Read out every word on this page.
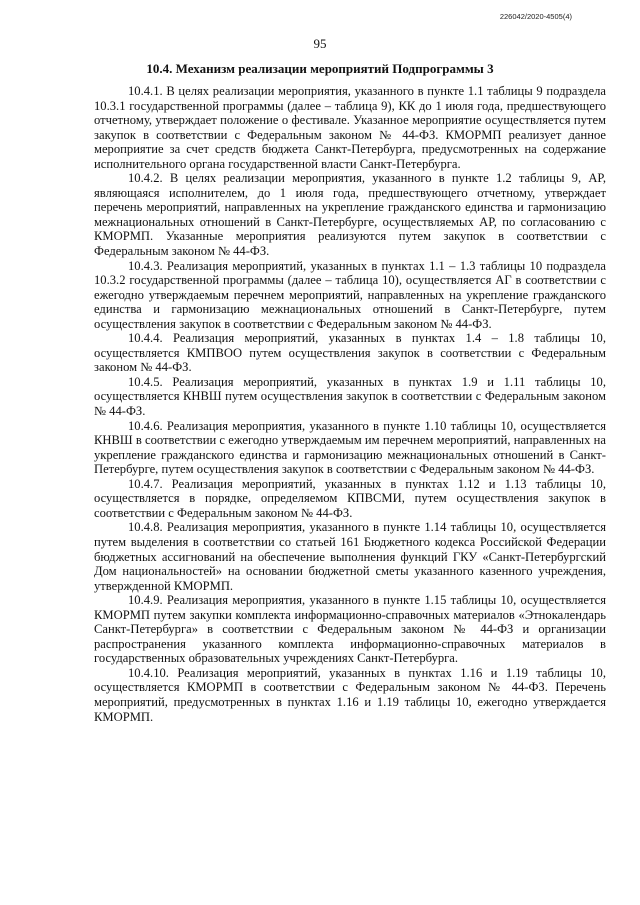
226042/2020-4505(4)
95
10.4. Механизм реализации мероприятий Подпрограммы 3

10.4.1. В целях реализации мероприятия, указанного в пункте 1.1 таблицы 9 подраздела 10.3.1 государственной программы (далее – таблица 9), КК до 1 июля года, предшествующего отчетному, утверждает положение о фестивале. Указанное мероприятие осуществляется путем закупок в соответствии с Федеральным законом № 44-ФЗ. КМОРМП реализует данное мероприятие за счет средств бюджета Санкт-Петербурга, предусмотренных на содержание исполнительного органа государственной власти Санкт-Петербурга.

10.4.2. В целях реализации мероприятия, указанного в пункте 1.2 таблицы 9, АР, являющаяся исполнителем, до 1 июля года, предшествующего отчетному, утверждает перечень мероприятий, направленных на укрепление гражданского единства и гармонизацию межнациональных отношений в Санкт-Петербурге, осуществляемых АР, по согласованию с КМОРМП. Указанные мероприятия реализуются путем закупок в соответствии с Федеральным законом № 44-ФЗ.

10.4.3. Реализация мероприятий, указанных в пунктах 1.1 – 1.3 таблицы 10 подраздела 10.3.2 государственной программы (далее – таблица 10), осуществляется АГ в соответствии с ежегодно утверждаемым перечнем мероприятий, направленных на укрепление гражданского единства и гармонизацию межнациональных отношений в Санкт-Петербурге, путем осуществления закупок в соответствии с Федеральным законом № 44-ФЗ.

10.4.4. Реализация мероприятий, указанных в пунктах 1.4 – 1.8 таблицы 10, осуществляется КМПВОО путем осуществления закупок в соответствии с Федеральным законом № 44-ФЗ.

10.4.5. Реализация мероприятий, указанных в пунктах 1.9 и 1.11 таблицы 10, осуществляется КНВШ путем осуществления закупок в соответствии с Федеральным законом № 44-ФЗ.

10.4.6. Реализация мероприятия, указанного в пункте 1.10 таблицы 10, осуществляется КНВШ в соответствии с ежегодно утверждаемым им перечнем мероприятий, направленных на укрепление гражданского единства и гармонизацию межнациональных отношений в Санкт-Петербурге, путем осуществления закупок в соответствии с Федеральным законом № 44-ФЗ.

10.4.7. Реализация мероприятий, указанных в пунктах 1.12 и 1.13 таблицы 10, осуществляется в порядке, определяемом КПВСМИ, путем осуществления закупок в соответствии с Федеральным законом № 44-ФЗ.

10.4.8. Реализация мероприятия, указанного в пункте 1.14 таблицы 10, осуществляется путем выделения в соответствии со статьей 161 Бюджетного кодекса Российской Федерации бюджетных ассигнований на обеспечение выполнения функций ГКУ «Санкт-Петербургский Дом национальностей» на основании бюджетной сметы указанного казенного учреждения, утвержденной КМОРМП.

10.4.9. Реализация мероприятия, указанного в пункте 1.15 таблицы 10, осуществляется КМОРМП путем закупки комплекта информационно-справочных материалов «Этнокалендарь Санкт-Петербурга» в соответствии с Федеральным законом № 44-ФЗ и организации распространения указанного комплекта информационно-справочных материалов в государственных образовательных учреждениях Санкт-Петербурга.

10.4.10. Реализация мероприятий, указанных в пунктах 1.16 и 1.19 таблицы 10, осуществляется КМОРМП в соответствии с Федеральным законом № 44-ФЗ. Перечень мероприятий, предусмотренных в пунктах 1.16 и 1.19 таблицы 10, ежегодно утверждается КМОРМП.
